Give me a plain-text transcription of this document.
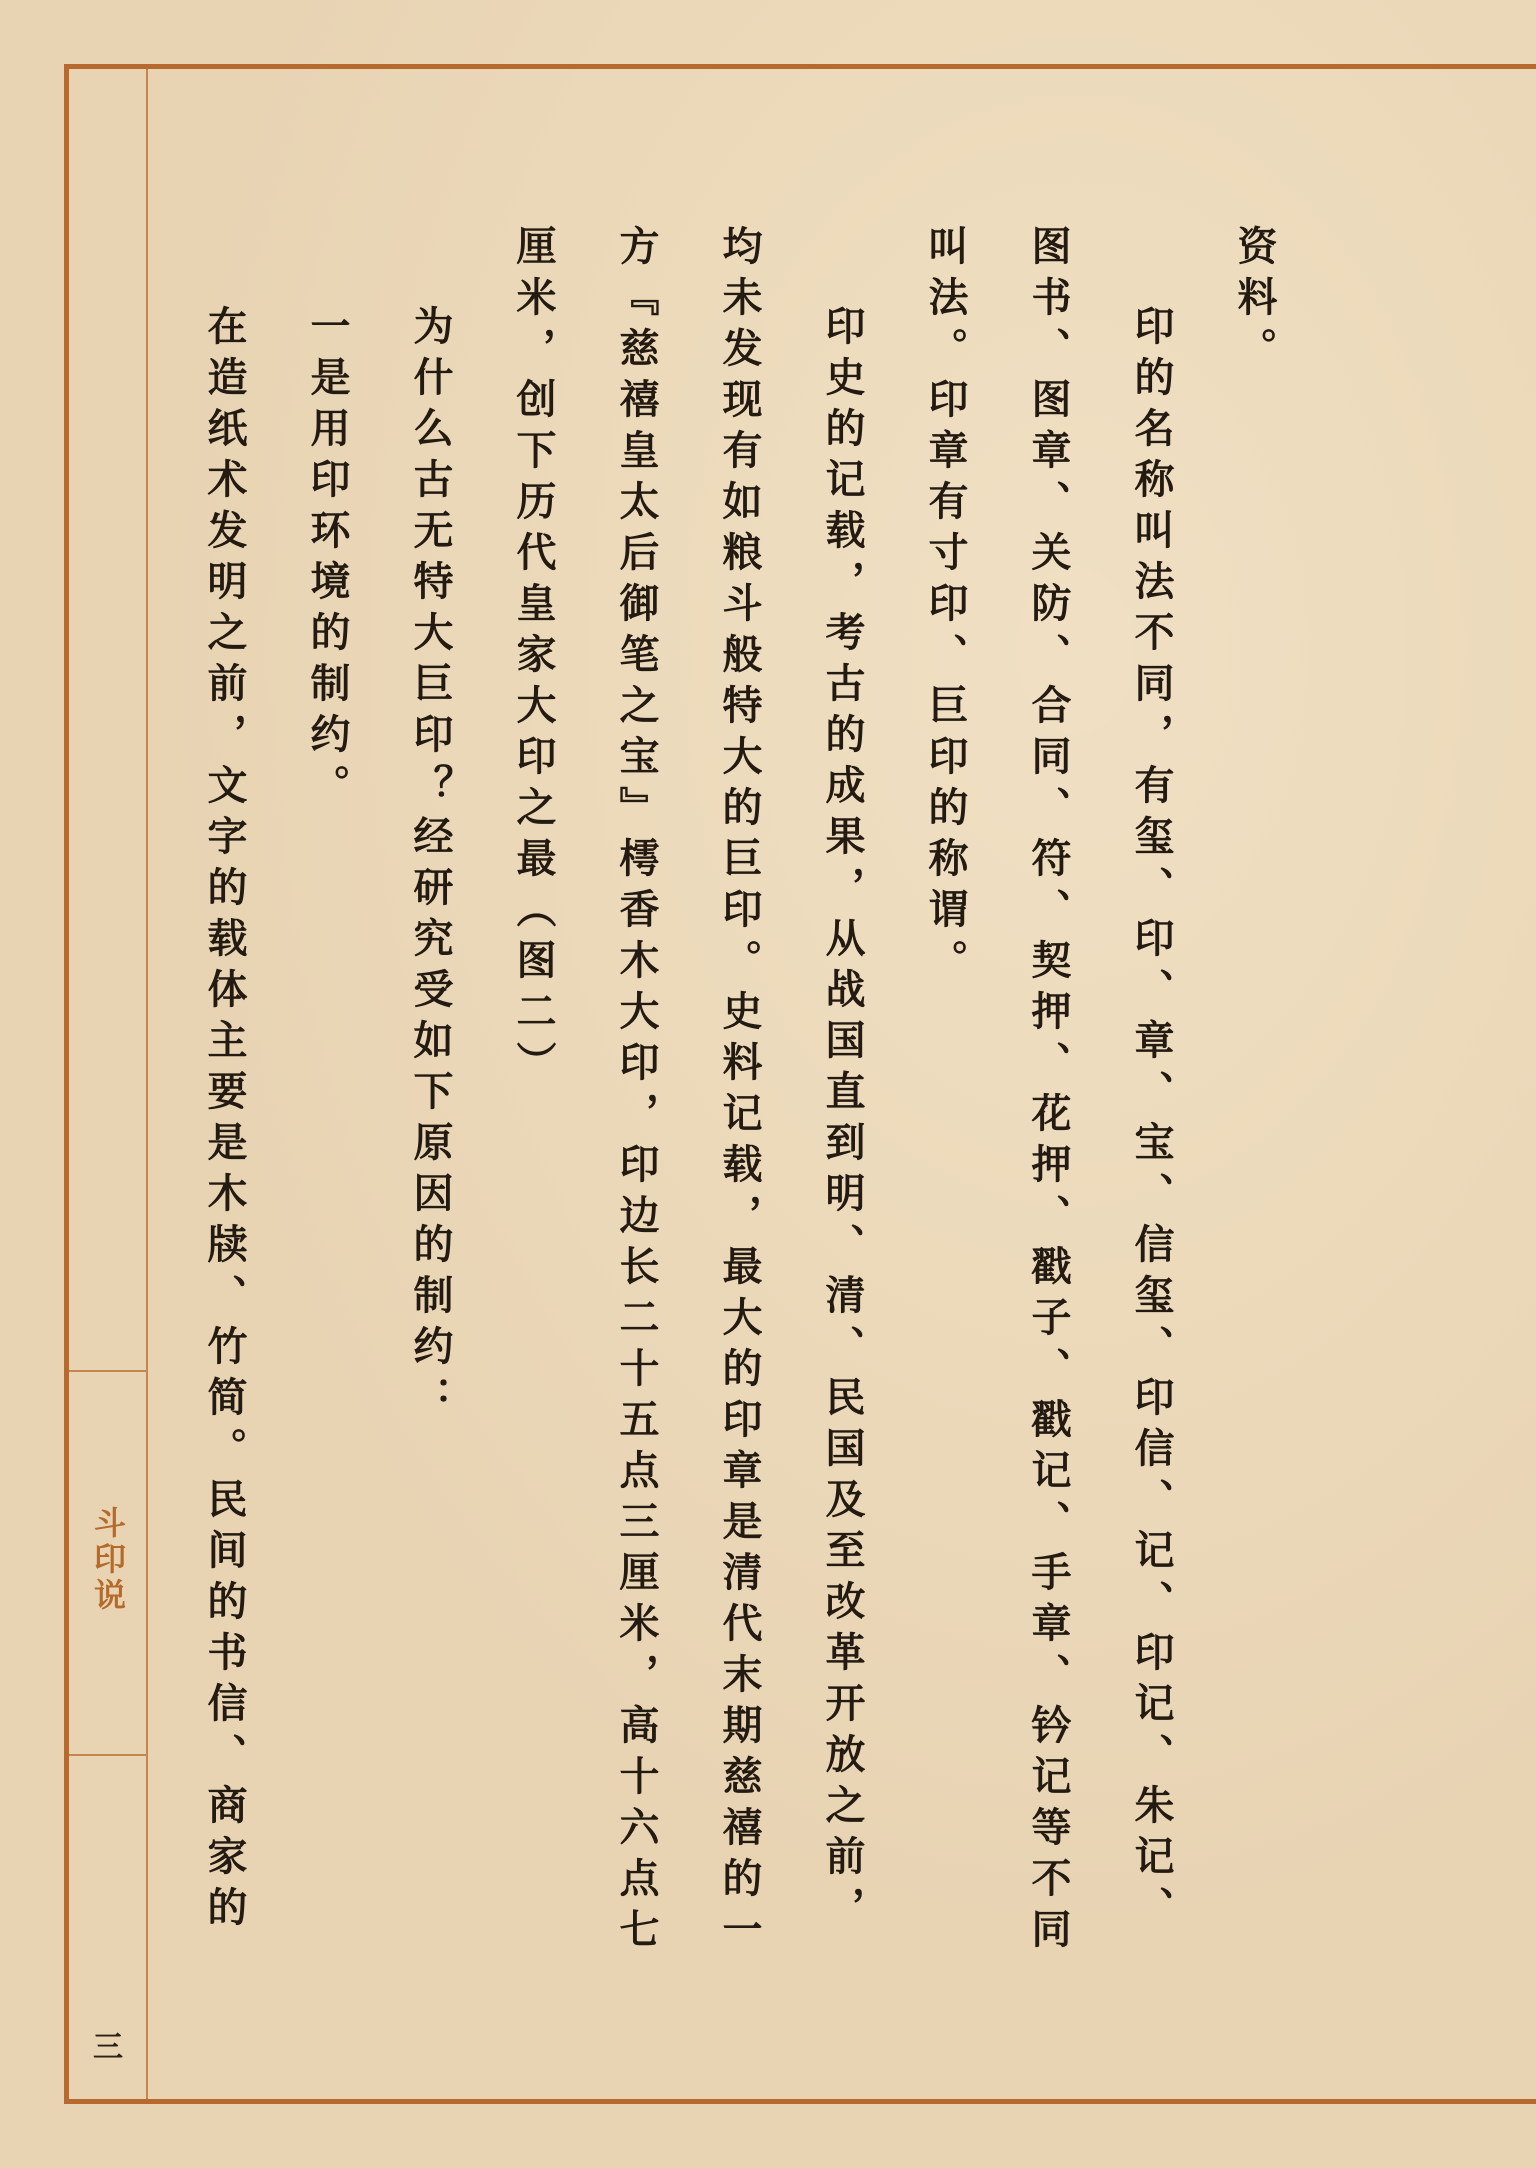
斗印说
三

资料。

印的名称叫法不同，有玺、印、章、宝、信玺、印信、记、印记、朱记、图书、图章、关防、合同、符、契押、花押、戳子、戳记、手章、钤记等不同叫法。印章有寸印、巨印的称谓。

印史的记载，考古的成果，从战国直到明、清、民国及至改革开放之前，均未发现有如粮斗般特大的巨印。史料记载，最大的印章是清代末期慈禧的一方『慈禧皇太后御笔之宝』樗香木大印，印边长二十五点三厘米，高十六点七厘米，创下历代皇家大印之最（图二）

为什么古无特大巨印？经研究受如下原因的制约：

一是用印环境的制约。

在造纸术发明之前，文字的载体主要是木牍、竹简。民间的书信、商家的
